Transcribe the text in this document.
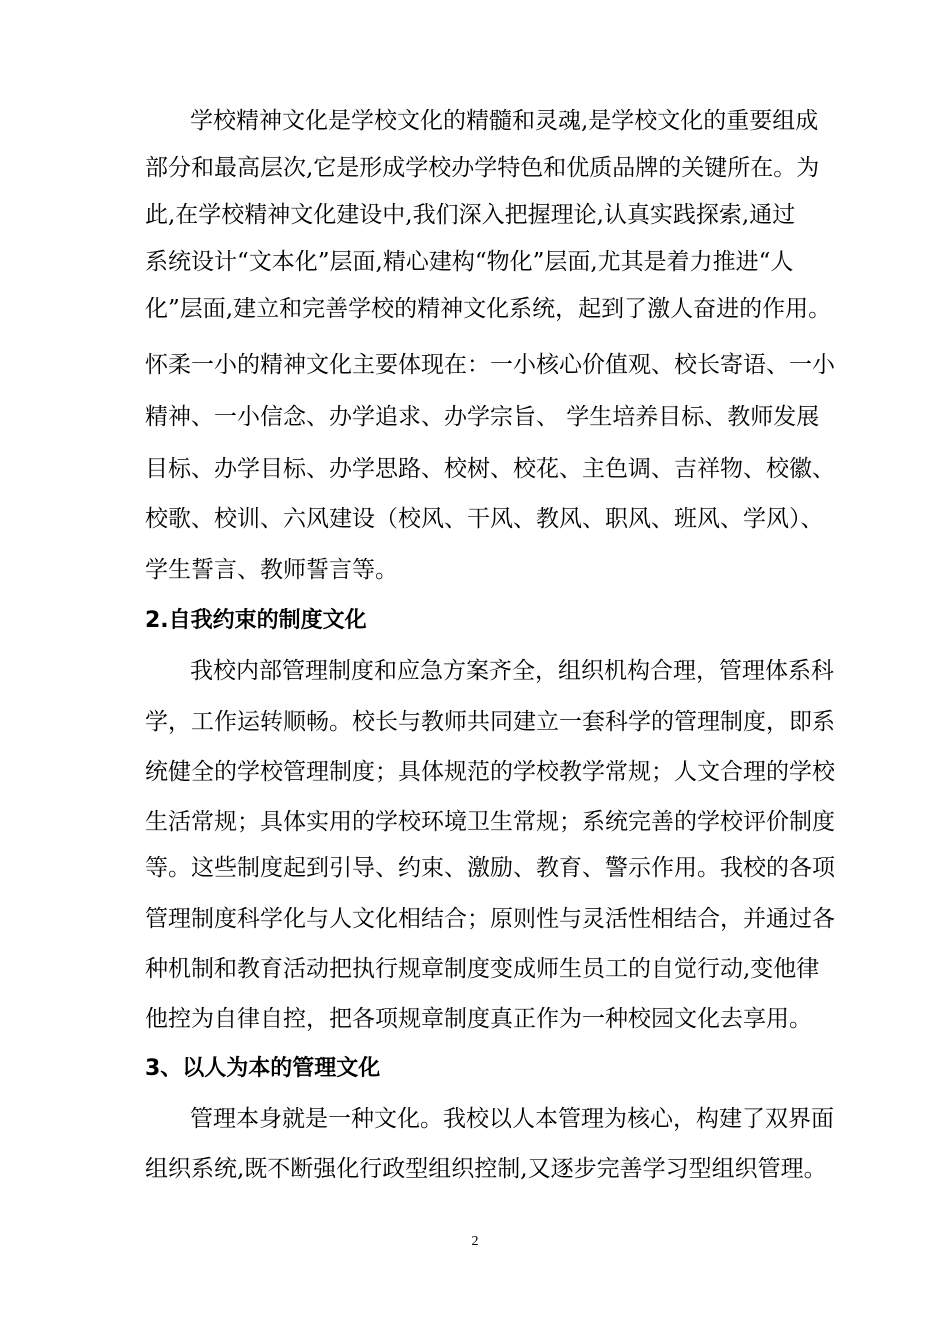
学校精神文化是学校文化的精髓和灵魂,是学校文化的重要组成
部分和最高层次,它是形成学校办学特色和优质品牌的关键所在。为
此,在学校精神文化建设中,我们深入把握理论,认真实践探索,通过
系统设计“文本化”层面,精心建构“物化”层面,尤其是着力推进“人
化”层面,建立和完善学校的精神文化系统，起到了激人奋进的作用。
怀柔一小的精神文化主要体现在：一小核心价值观、校长寄语、一小
精神、一小信念、办学追求、办学宗旨、 学生培养目标、教师发展
目标、办学目标、办学思路、校树、校花、主色调、吉祥物、校徽、
校歌、校训、六风建设（校风、干风、教风、职风、班风、学风）、
学生誓言、教师誓言等。
2.自我约束的制度文化
我校内部管理制度和应急方案齐全，组织机构合理，管理体系科
学，工作运转顺畅。校长与教师共同建立一套科学的管理制度，即系
统健全的学校管理制度；具体规范的学校教学常规；人文合理的学校
生活常规；具体实用的学校环境卫生常规；系统完善的学校评价制度
等。这些制度起到引导、约束、激励、教育、警示作用。我校的各项
管理制度科学化与人文化相结合；原则性与灵活性相结合，并通过各
种机制和教育活动把执行规章制度变成师生员工的自觉行动,变他律
他控为自律自控，把各项规章制度真正作为一种校园文化去享用。
3、以人为本的管理文化
管理本身就是一种文化。我校以人本管理为核心，构建了双界面
组织系统,既不断强化行政型组织控制,又逐步完善学习型组织管理。
2
